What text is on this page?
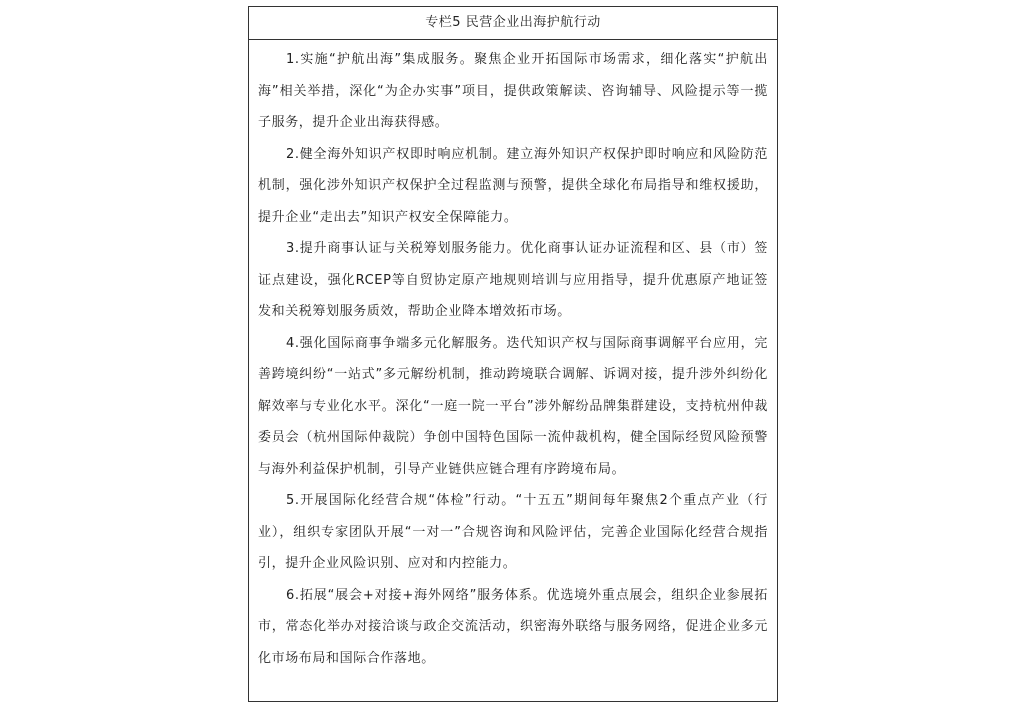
专栏5 民营企业出海护航行动

1.实施“护航出海”集成服务。聚焦企业开拓国际市场需求，细化落实“护航出海”相关举措，深化“为企办实事”项目，提供政策解读、咨询辅导、风险提示等一揽子服务，提升企业出海获得感。

2.健全海外知识产权即时响应机制。建立海外知识产权保护即时响应和风险防范机制，强化涉外知识产权保护全过程监测与预警，提供全球化布局指导和维权援助，提升企业“走出去”知识产权安全保障能力。

3.提升商事认证与关税筹划服务能力。优化商事认证办证流程和区、县（市）签证点建设，强化RCEP等自贸协定原产地规则培训与应用指导，提升优惠原产地证签发和关税筹划服务质效，帮助企业降本增效拓市场。

4.强化国际商事争端多元化解服务。迭代知识产权与国际商事调解平台应用，完善跨境纠纷“一站式”多元解纷机制，推动跨境联合调解、诉调对接，提升涉外纠纷化解效率与专业化水平。深化“一庭一院一平台”涉外解纷品牌集群建设，支持杭州仲裁委员会（杭州国际仲裁院）争创中国特色国际一流仲裁机构，健全国际经贸风险预警与海外利益保护机制，引导产业链供应链合理有序跨境布局。

5.开展国际化经营合规“体检”行动。“十五五”期间每年聚焦2个重点产业（行业），组织专家团队开展“一对一”合规咨询和风险评估，完善企业国际化经营合规指引，提升企业风险识别、应对和内控能力。

6.拓展“展会+对接+海外网络”服务体系。优选境外重点展会，组织企业参展拓市，常态化举办对接洽谈与政企交流活动，织密海外联络与服务网络，促进企业多元化市场布局和国际合作落地。
